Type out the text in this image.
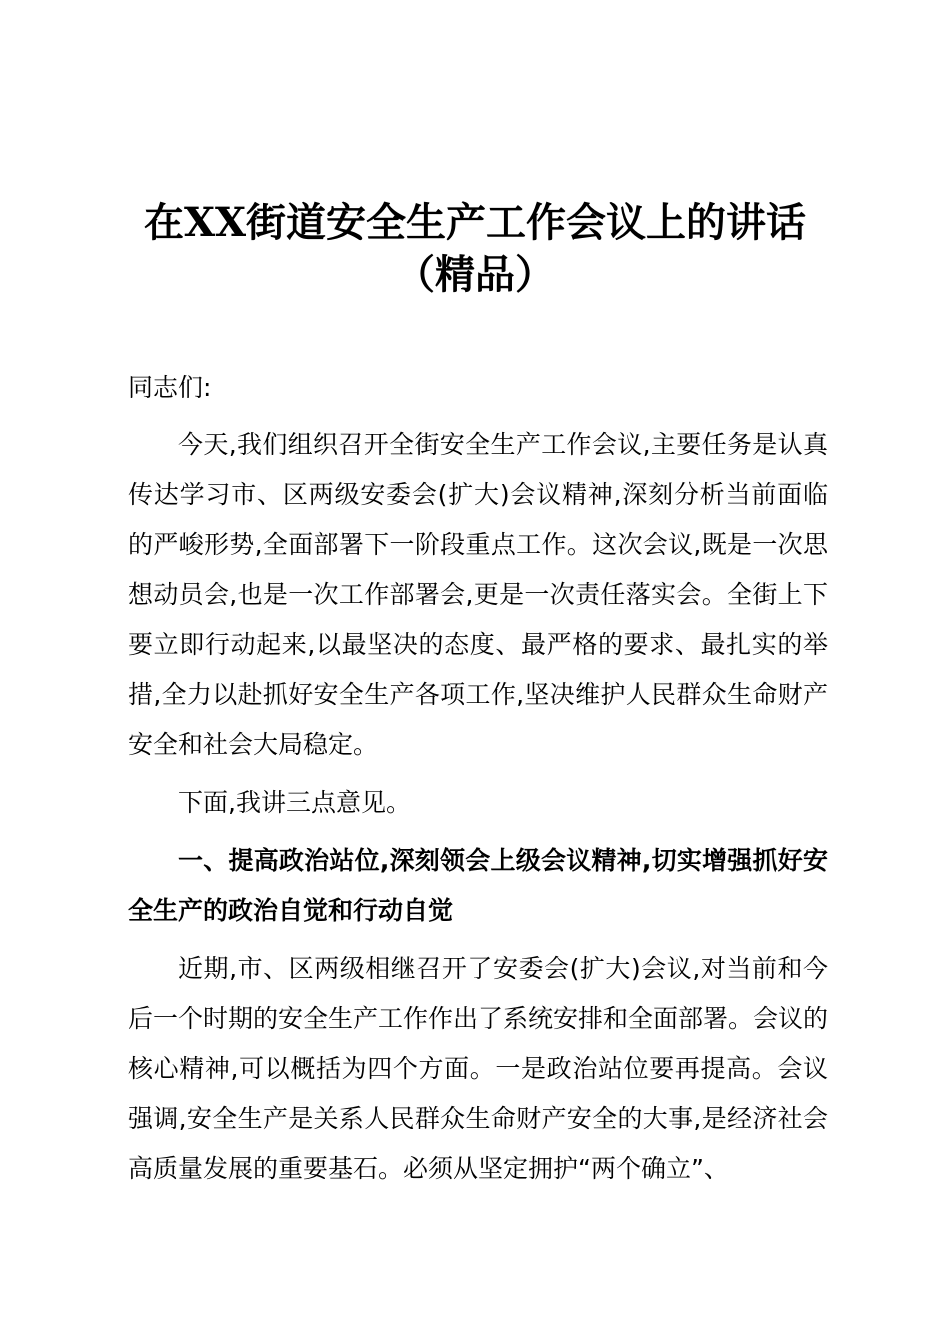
在XX街道安全生产工作会议上的讲话
（精品）

同志们:

今天,我们组织召开全街安全生产工作会议,主要任务是认真传达学习市、区两级安委会(扩大)会议精神,深刻分析当前面临的严峻形势,全面部署下一阶段重点工作。这次会议,既是一次思想动员会,也是一次工作部署会,更是一次责任落实会。全街上下要立即行动起来,以最坚决的态度、最严格的要求、最扎实的举措,全力以赴抓好安全生产各项工作,坚决维护人民群众生命财产安全和社会大局稳定。

下面,我讲三点意见。

一、提高政治站位,深刻领会上级会议精神,切实增强抓好安全生产的政治自觉和行动自觉

近期,市、区两级相继召开了安委会(扩大)会议,对当前和今后一个时期的安全生产工作作出了系统安排和全面部署。会议的核心精神,可以概括为四个方面。一是政治站位要再提高。会议强调,安全生产是关系人民群众生命财产安全的大事,是经济社会高质量发展的重要基石。必须从坚定拥护“两个确立”、
